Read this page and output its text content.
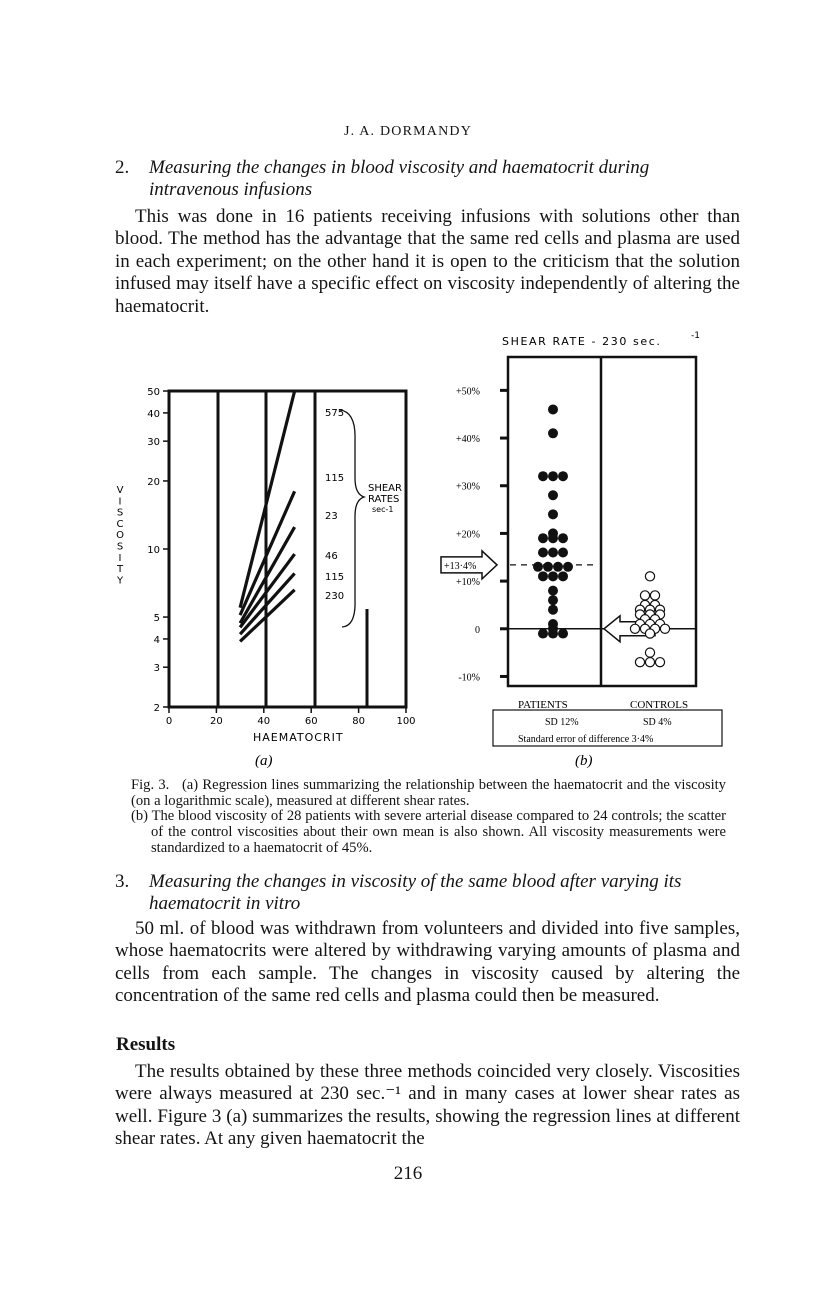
J. A. DORMANDY
2. Measuring the changes in blood viscosity and haematocrit during intravenous infusions

This was done in 16 patients receiving infusions with solutions other than blood. The method has the advantage that the same red cells and plasma are used in each experiment; on the other hand it is open to the criticism that the solution infused may itself have a specific effect on viscosity independently of altering the haematocrit.

2
3
4
5
10
20
30
40
50
0	20	40	60	80	100
V
I
S
C
O
S
I
T
Y
HAEMATOCRIT
575
115
23
46
115
230
SHEAR
RATES
sec-1
(a)
SHEAR RATE - 230 sec.	-1
+50%
+40%
+30%
+20%
+10%
0
-10%
+13·4%
PATIENTS	CONTROLS
SD 12%	SD 4%
Standard error of difference 3·4%
(b)

Fig. 3. (a) Regression lines summarizing the relationship between the haematocrit and the viscosity (on a logarithmic scale), measured at different shear rates.

(b) The blood viscosity of 28 patients with severe arterial disease compared to 24 controls; the scatter of the control viscosities about their own mean is also shown. All viscosity measurements were standardized to a haematocrit of 45%.

3. Measuring the changes in viscosity of the same blood after varying its haematocrit in vitro

50 ml. of blood was withdrawn from volunteers and divided into five samples, whose haematocrits were altered by withdrawing varying amounts of plasma and cells from each sample. The changes in viscosity caused by altering the concentration of the same red cells and plasma could then be measured.

Results

The results obtained by these three methods coincided very closely. Viscosities were always measured at 230 sec.⁻¹ and in many cases at lower shear rates as well. Figure 3 (a) summarizes the results, showing the regression lines at different shear rates. At any given haematocrit the

216
